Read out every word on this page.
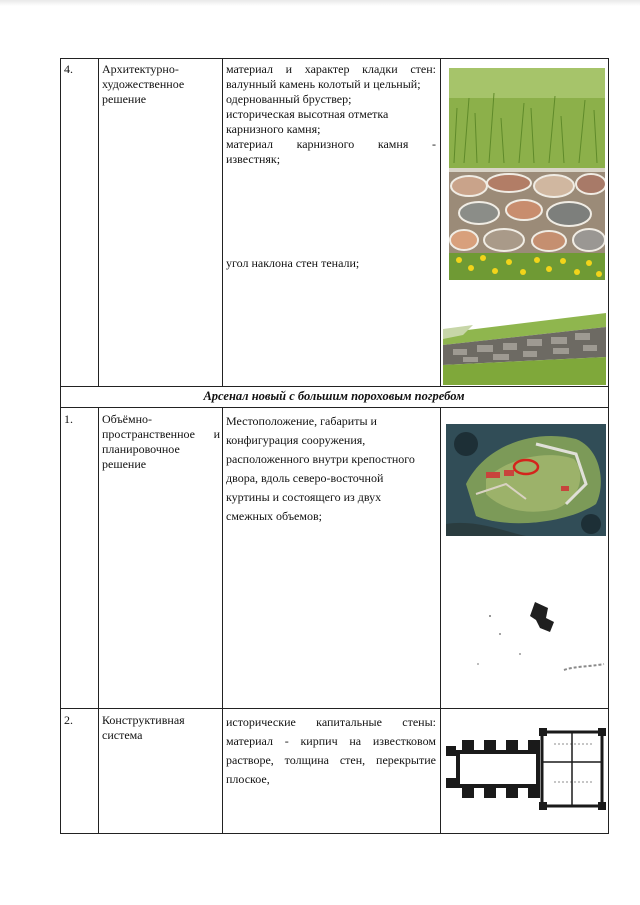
4. Архитектурно-художественное решение
материал и характер кладки стен:
валунный камень колотый и цельный;
одернованный бруствер;
историческая высотная отметка
карнизного камня;
материал карнизного камня -
известняк;
угол наклона стен тенали;
Арсенал новый с большим пороховым погребом
1. Объёмно-
пространственное и
планировочное
решение
Местоположение, габариты и
конфигурация сооружения,
расположенного внутри крепостного
двора, вдоль северо-восточной
куртины и состоящего из двух
смежных объемов;
2. Конструктивная
система
исторические капитальные стены:
материал - кирпич на известковом
растворе, толщина стен, перекрытие
плоское,
